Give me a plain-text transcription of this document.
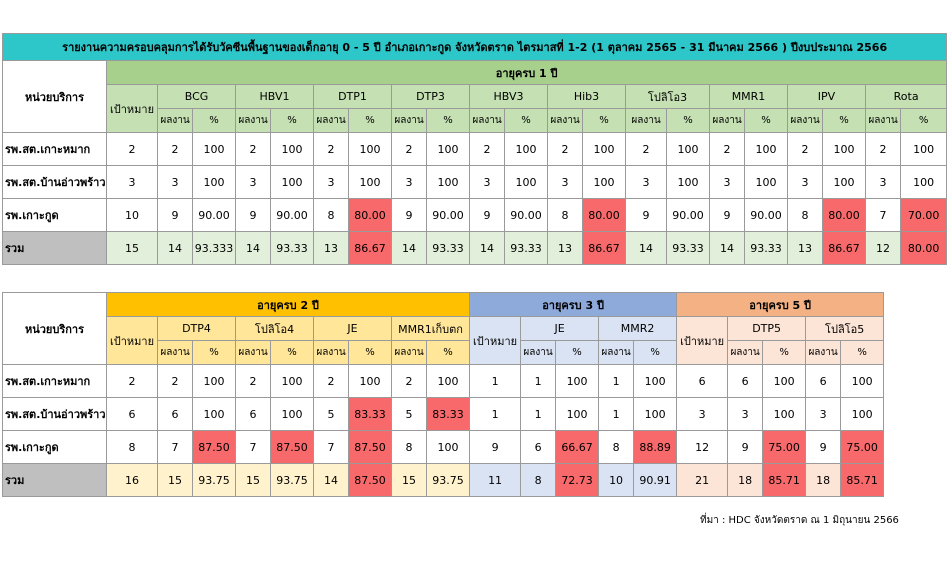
รายงานความครอบคลุมการได้รับวัคซีนพื้นฐานของเด็กอายุ 0 - 5 ปี อำเภอเกาะกูด จังหวัดตราด ไตรมาสที่ 1-2 (1 ตุลาคม 2565 - 31 มีนาคม 2566 ) ปีงบประมาณ 2566																					
หน่วยบริการ	อายุครบ 1 ปี																				
	เป้าหมาย	BCG		HBV1		DTP1		DTP3		HBV3		Hib3		โปลิโอ3		MMR1		IPV		Rota	
		ผลงาน	%	ผลงาน	%	ผลงาน	%	ผลงาน	%	ผลงาน	%	ผลงาน	%	ผลงาน	%	ผลงาน	%	ผลงาน	%	ผลงาน	%
รพ.สต.เกาะหมาก	2	2	100	2	100	2	100	2	100	2	100	2	100	2	100	2	100	2	100	2	100
รพ.สต.บ้านอ่าวพร้าว	3	3	100	3	100	3	100	3	100	3	100	3	100	3	100	3	100	3	100	3	100
รพ.เกาะกูด	10	9	90.00	9	90.00	8	80.00	9	90.00	9	90.00	8	80.00	9	90.00	9	90.00	8	80.00	7	70.00
รวม	15	14	93.333	14	93.33	13	86.67	14	93.33	14	93.33	13	86.67	14	93.33	14	93.33	13	86.67	12	80.00
หน่วยบริการ	อายุครบ 2 ปี									อายุครบ 3 ปี					อายุครบ 5 ปี				
	เป้าหมาย	DTP4		โปลิโอ4		JE		MMR1เก็บตก		เป้าหมาย	JE		MMR2		เป้าหมาย	DTP5		โปลิโอ5	
		ผลงาน	%	ผลงาน	%	ผลงาน	%	ผลงาน	%		ผลงาน	%	ผลงาน	%		ผลงาน	%	ผลงาน	%
รพ.สต.เกาะหมาก	2	2	100	2	100	2	100	2	100	1	1	100	1	100	6	6	100	6	100
รพ.สต.บ้านอ่าวพร้าว	6	6	100	6	100	5	83.33	5	83.33	1	1	100	1	100	3	3	100	3	100
รพ.เกาะกูด	8	7	87.50	7	87.50	7	87.50	8	100	9	6	66.67	8	88.89	12	9	75.00	9	75.00
รวม	16	15	93.75	15	93.75	14	87.50	15	93.75	11	8	72.73	10	90.91	21	18	85.71	18	85.71
ที่มา : HDC จังหวัดตราด ณ 1 มิถุนายน 2566
